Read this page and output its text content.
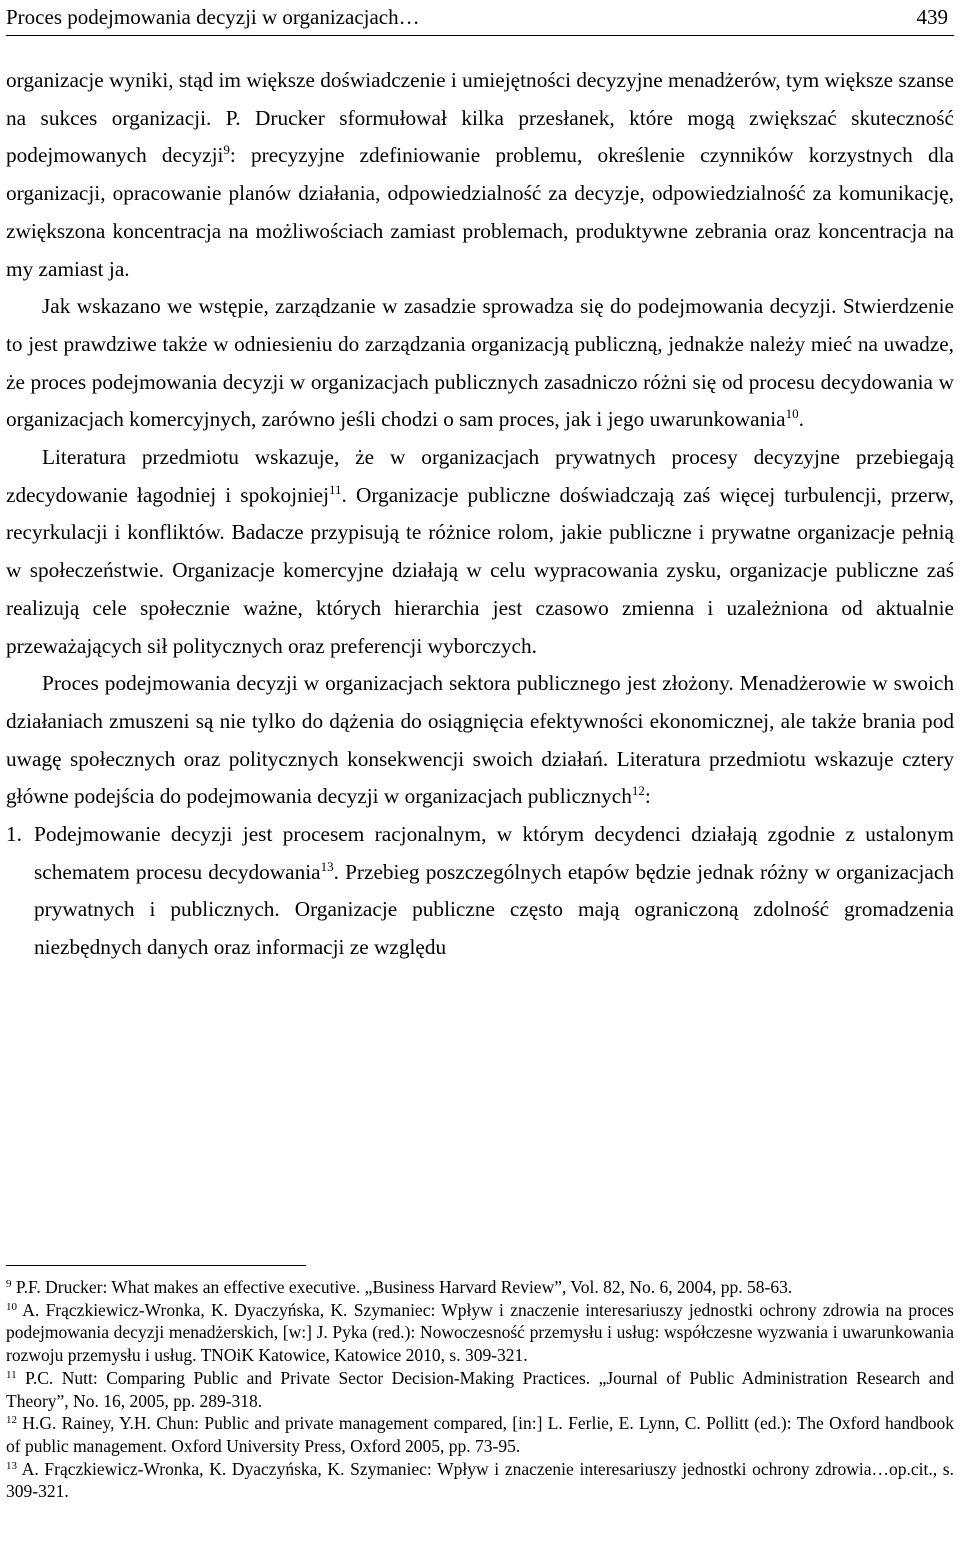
Proces podejmowania decyzji w organizacjach…	439

organizacje wyniki, stąd im większe doświadczenie i umiejętności decyzyjne menadżerów, tym większe szanse na sukces organizacji. P. Drucker sformułował kilka przesłanek, które mogą zwiększać skuteczność podejmowanych decyzji$^9$: precyzyjne zdefiniowanie problemu, określenie czynników korzystnych dla organizacji, opracowanie planów działania, odpowiedzialność za decyzje, odpowiedzialność za komunikację, zwiększona koncentracja na możliwościach zamiast problemach, produktywne zebrania oraz koncentracja na my zamiast ja.

Jak wskazano we wstępie, zarządzanie w zasadzie sprowadza się do podejmowania decyzji. Stwierdzenie to jest prawdziwe także w odniesieniu do zarządzania organizacją publiczną, jednakże należy mieć na uwadze, że proces podejmowania decyzji w organizacjach publicznych zasadniczo różni się od procesu decydowania w organizacjach komercyjnych, zarówno jeśli chodzi o sam proces, jak i jego uwarunkowania$^{10}$.

Literatura przedmiotu wskazuje, że w organizacjach prywatnych procesy decyzyjne przebiegają zdecydowanie łagodniej i spokojniej$^{11}$. Organizacje publiczne doświadczają zaś więcej turbulencji, przerw, recyrkulacji i konfliktów. Badacze przypisują te różnice rolom, jakie publiczne i prywatne organizacje pełnią w społeczeństwie. Organizacje komercyjne działają w celu wypracowania zysku, organizacje publiczne zaś realizują cele społecznie ważne, których hierarchia jest czasowo zmienna i uzależniona od aktualnie przeważających sił politycznych oraz preferencji wyborczych.

Proces podejmowania decyzji w organizacjach sektora publicznego jest złożony. Menadżerowie w swoich działaniach zmuszeni są nie tylko do dążenia do osiągnięcia efektywności ekonomicznej, ale także brania pod uwagę społecznych oraz politycznych konsekwencji swoich działań. Literatura przedmiotu wskazuje cztery główne podejścia do podejmowania decyzji w organizacjach publicznych$^{12}$:

1. Podejmowanie decyzji jest procesem racjonalnym, w którym decydenci działają zgodnie z ustalonym schematem procesu decydowania$^{13}$. Przebieg poszczególnych etapów będzie jednak różny w organizacjach prywatnych i publicznych. Organizacje publiczne często mają ograniczoną zdolność gromadzenia niezbędnych danych oraz informacji ze względu

$^9$ P.F. Drucker: What makes an effective executive. „Business Harvard Review”, Vol. 82, No. 6, 2004, pp. 58-63.

$^{10}$ A. Frączkiewicz-Wronka, K. Dyaczyńska, K. Szymaniec: Wpływ i znaczenie interesariuszy jednostki ochrony zdrowia na proces podejmowania decyzji menadżerskich, [w:] J. Pyka (red.): Nowoczesność przemysłu i usług: współczesne wyzwania i uwarunkowania rozwoju przemysłu i usług. TNOiK Katowice, Katowice 2010, s. 309-321.

$^{11}$ P.C. Nutt: Comparing Public and Private Sector Decision-Making Practices. „Journal of Public Administration Research and Theory”, No. 16, 2005, pp. 289-318.

$^{12}$ H.G. Rainey, Y.H. Chun: Public and private management compared, [in:] L. Ferlie, E. Lynn, C. Pollitt (ed.): The Oxford handbook of public management. Oxford University Press, Oxford 2005, pp. 73-95.

$^{13}$ A. Frączkiewicz-Wronka, K. Dyaczyńska, K. Szymaniec: Wpływ i znaczenie interesariuszy jednostki ochrony zdrowia…op.cit., s. 309-321.
